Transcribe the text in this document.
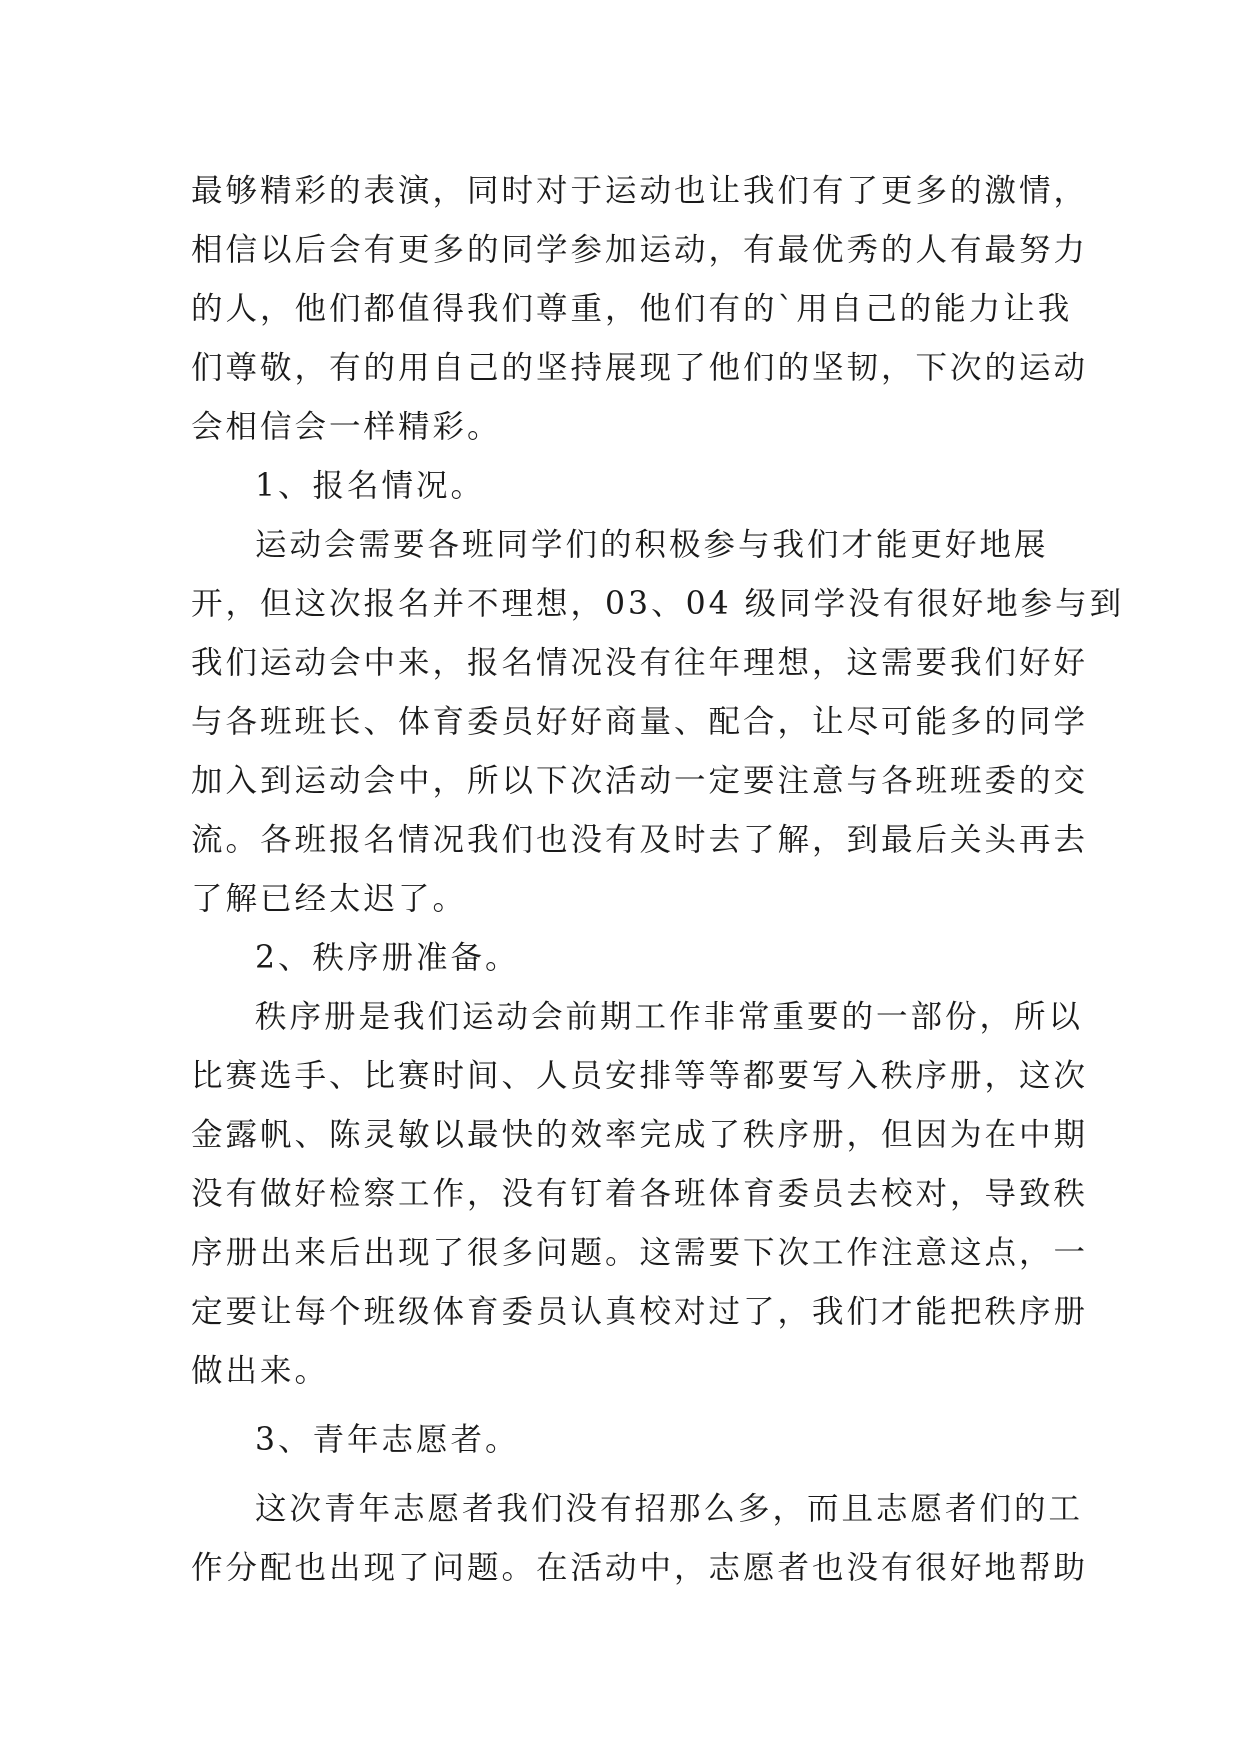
最够精彩的表演，同时对于运动也让我们有了更多的激情，
相信以后会有更多的同学参加运动，有最优秀的人有最努力
的人，他们都值得我们尊重，他们有的`用自己的能力让我
们尊敬，有的用自己的坚持展现了他们的坚韧，下次的运动
会相信会一样精彩。
1、报名情况。
运动会需要各班同学们的积极参与我们才能更好地展
开，但这次报名并不理想，03、04 级同学没有很好地参与到
我们运动会中来，报名情况没有往年理想，这需要我们好好
与各班班长、体育委员好好商量、配合，让尽可能多的同学
加入到运动会中，所以下次活动一定要注意与各班班委的交
流。各班报名情况我们也没有及时去了解，到最后关头再去
了解已经太迟了。
2、秩序册准备。
秩序册是我们运动会前期工作非常重要的一部份，所以
比赛选手、比赛时间、人员安排等等都要写入秩序册，这次
金露帆、陈灵敏以最快的效率完成了秩序册，但因为在中期
没有做好检察工作，没有钉着各班体育委员去校对，导致秩
序册出来后出现了很多问题。这需要下次工作注意这点，一
定要让每个班级体育委员认真校对过了，我们才能把秩序册
做出来。
3、青年志愿者。
这次青年志愿者我们没有招那么多，而且志愿者们的工
作分配也出现了问题。在活动中，志愿者也没有很好地帮助
